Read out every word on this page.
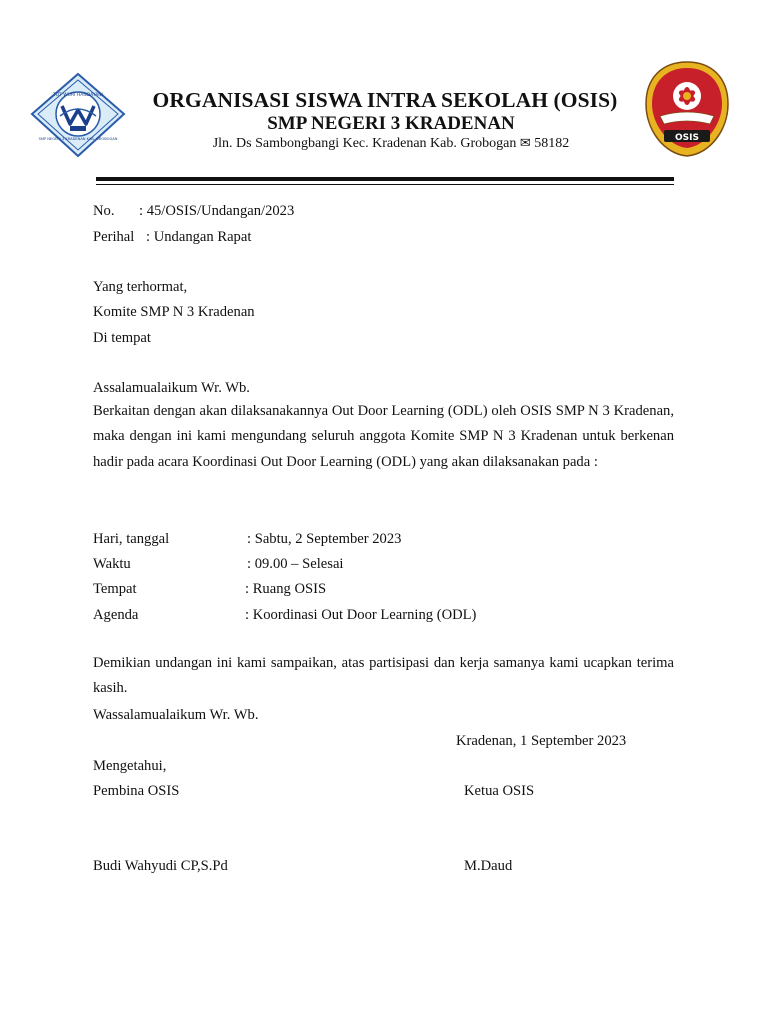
TUT WURI HANDAYANI
SMP NEGERI 3 KRADENAN KAB. GROBOGAN	OSIS
ORGANISASI SISWA INTRA SEKOLAH (OSIS)
SMP NEGERI 3 KRADENAN
Jln. Ds Sambongbangi Kec. Kradenan Kab. Grobogan ✉ 58182
No. : 45/OSIS/Undangan/2023
Perihal : Undangan Rapat
Yang terhormat,
Komite SMP N 3 Kradenan
Di tempat
Assalamualaikum Wr. Wb.
Berkaitan dengan akan dilaksanakannya Out Door Learning (ODL) oleh OSIS SMP N 3 Kradenan, maka dengan ini kami mengundang seluruh anggota Komite SMP N 3 Kradenan untuk berkenan hadir pada acara Koordinasi Out Door Learning (ODL) yang akan dilaksanakan pada :
Hari, tanggal	: Sabtu, 2 September 2023
Waktu	: 09.00 – Selesai
Tempat	: Ruang OSIS
Agenda	: Koordinasi Out Door Learning (ODL)
Demikian undangan ini kami sampaikan, atas partisipasi dan kerja samanya kami ucapkan terima kasih.
Wassalamualaikum Wr. Wb.
Kradenan, 1 September 2023
Mengetahui,
Pembina OSIS	Ketua OSIS
Budi Wahyudi CP,S.Pd	M.Daud
